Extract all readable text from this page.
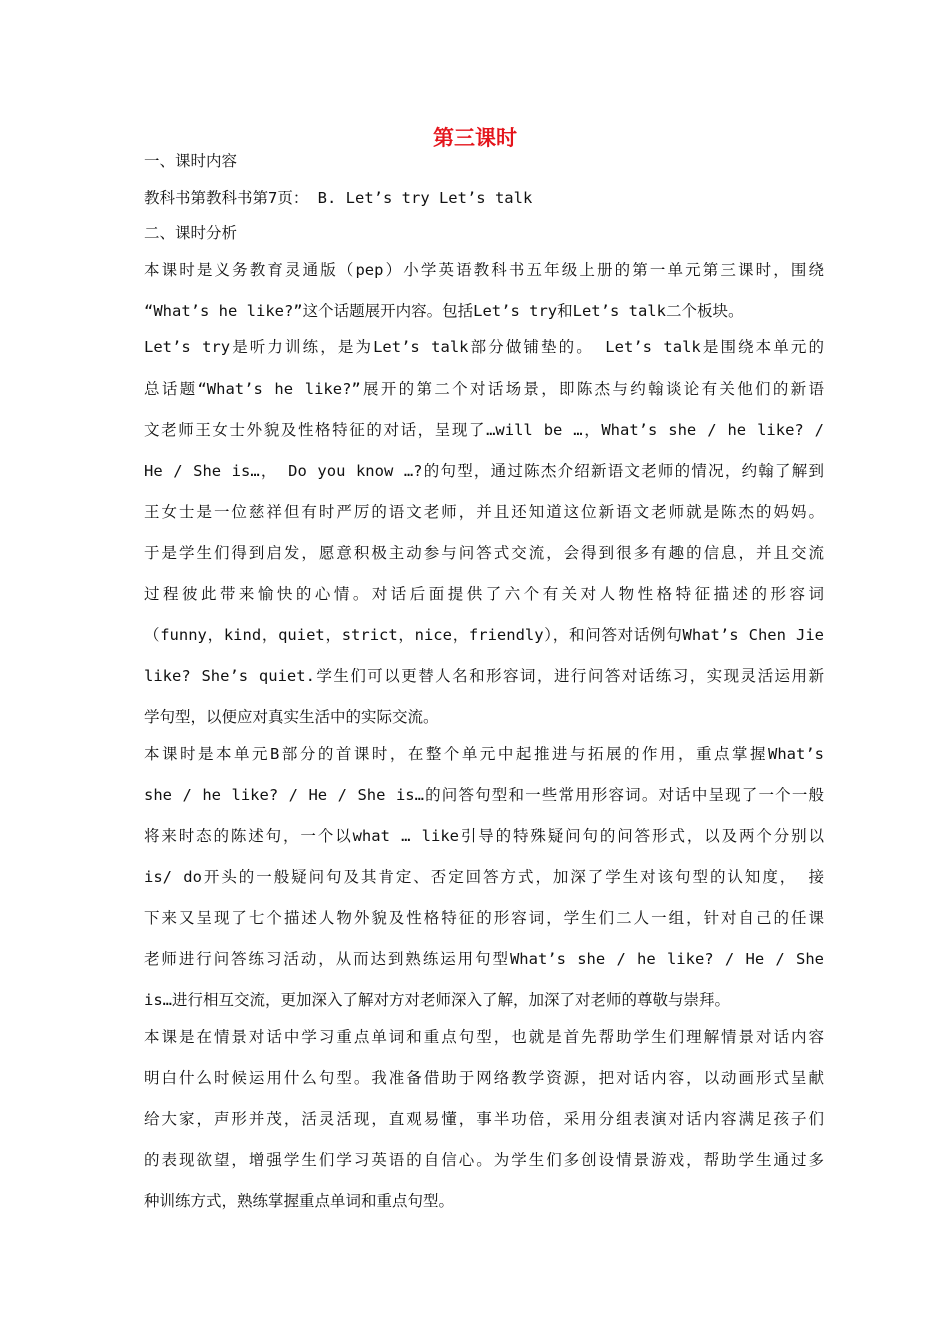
第三课时
一、课时内容
教科书第教科书第7页： B. Let’s try Let’s talk
二、课时分析
本课时是义务教育灵通版（pep）小学英语教科书五年级上册的第一单元第三课时，围绕
“What’s he like?”这个话题展开内容。包括Let’s try和Let’s talk二个板块。
Let’s try是听力训练，是为Let’s talk部分做铺垫的。 Let’s talk是围绕本单元的
总话题“What’s he like?”展开的第二个对话场景，即陈杰与约翰谈论有关他们的新语
文老师王女士外貌及性格特征的对话，呈现了…will be …，What’s she / he like? /
He / She is…， Do you know …?的句型，通过陈杰介绍新语文老师的情况，约翰了解到
王女士是一位慈祥但有时严厉的语文老师，并且还知道这位新语文老师就是陈杰的妈妈。
于是学生们得到启发，愿意积极主动参与问答式交流，会得到很多有趣的信息，并且交流
过程彼此带来愉快的心情。对话后面提供了六个有关对人物性格特征描述的形容词
（funny，kind，quiet，strict，nice，friendly），和问答对话例句What’s Chen Jie
like? She’s quiet.学生们可以更替人名和形容词，进行问答对话练习，实现灵活运用新
学句型，以便应对真实生活中的实际交流。
本课时是本单元B部分的首课时，在整个单元中起推进与拓展的作用，重点掌握What’s
she / he like? / He / She is…的问答句型和一些常用形容词。对话中呈现了一个一般
将来时态的陈述句，一个以what … like引导的特殊疑问句的问答形式，以及两个分别以
is/ do开头的一般疑问句及其肯定、否定回答方式，加深了学生对该句型的认知度， 接
下来又呈现了七个描述人物外貌及性格特征的形容词，学生们二人一组，针对自己的任课
老师进行问答练习活动，从而达到熟练运用句型What’s she / he like? / He / She
is…进行相互交流，更加深入了解对方对老师深入了解，加深了对老师的尊敬与崇拜。
本课是在情景对话中学习重点单词和重点句型，也就是首先帮助学生们理解情景对话内容
明白什么时候运用什么句型。我准备借助于网络教学资源，把对话内容，以动画形式呈献
给大家，声形并茂，活灵活现，直观易懂，事半功倍，采用分组表演对话内容满足孩子们
的表现欲望，增强学生们学习英语的自信心。为学生们多创设情景游戏，帮助学生通过多
种训练方式，熟练掌握重点单词和重点句型。
